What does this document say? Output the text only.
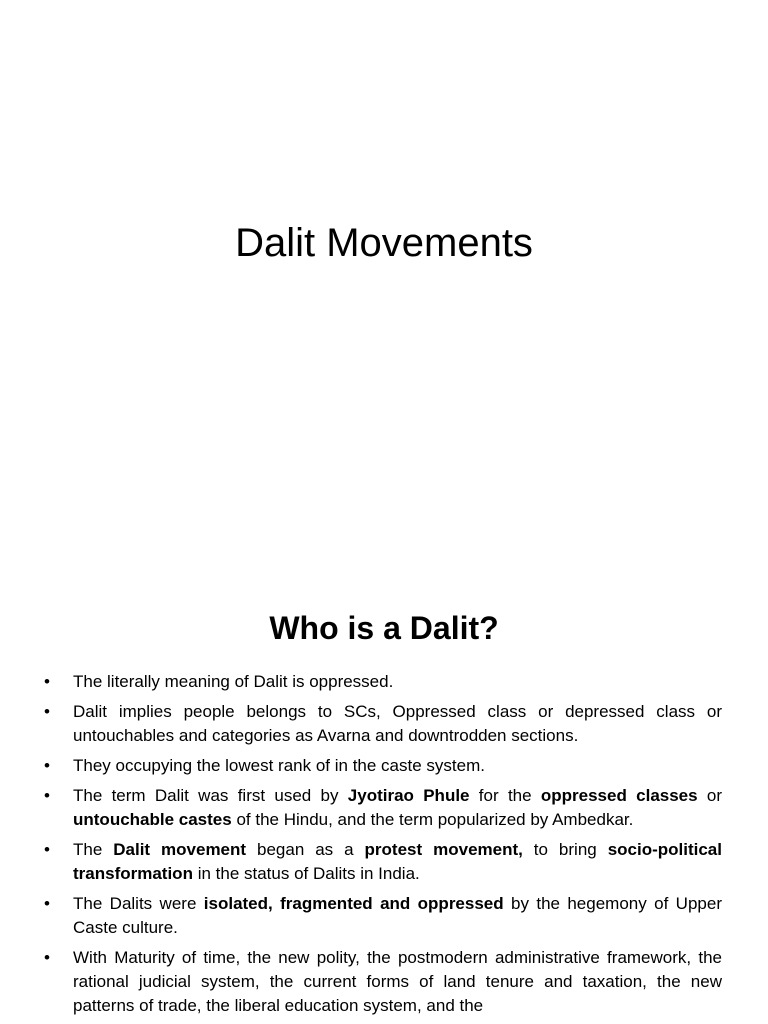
Dalit Movements
Who is a Dalit?
•	The literally meaning of Dalit is oppressed.
•	Dalit implies people belongs to SCs, Oppressed class or depressed class or untouchables and categories as Avarna and downtrodden sections.
•	They occupying the lowest rank of in the caste system.
•	The term Dalit was first used by Jyotirao Phule for the oppressed classes or untouchable castes of the Hindu, and the term popularized by Ambedkar.
•	The Dalit movement began as a protest movement, to bring socio-political transformation in the status of Dalits in India.
•	The Dalits were isolated, fragmented and oppressed by the hegemony of Upper Caste culture.
•	With Maturity of time, the new polity, the postmodern administrative framework, the rational judicial system, the current forms of land tenure and taxation, the new patterns of trade, the liberal education system, and the
